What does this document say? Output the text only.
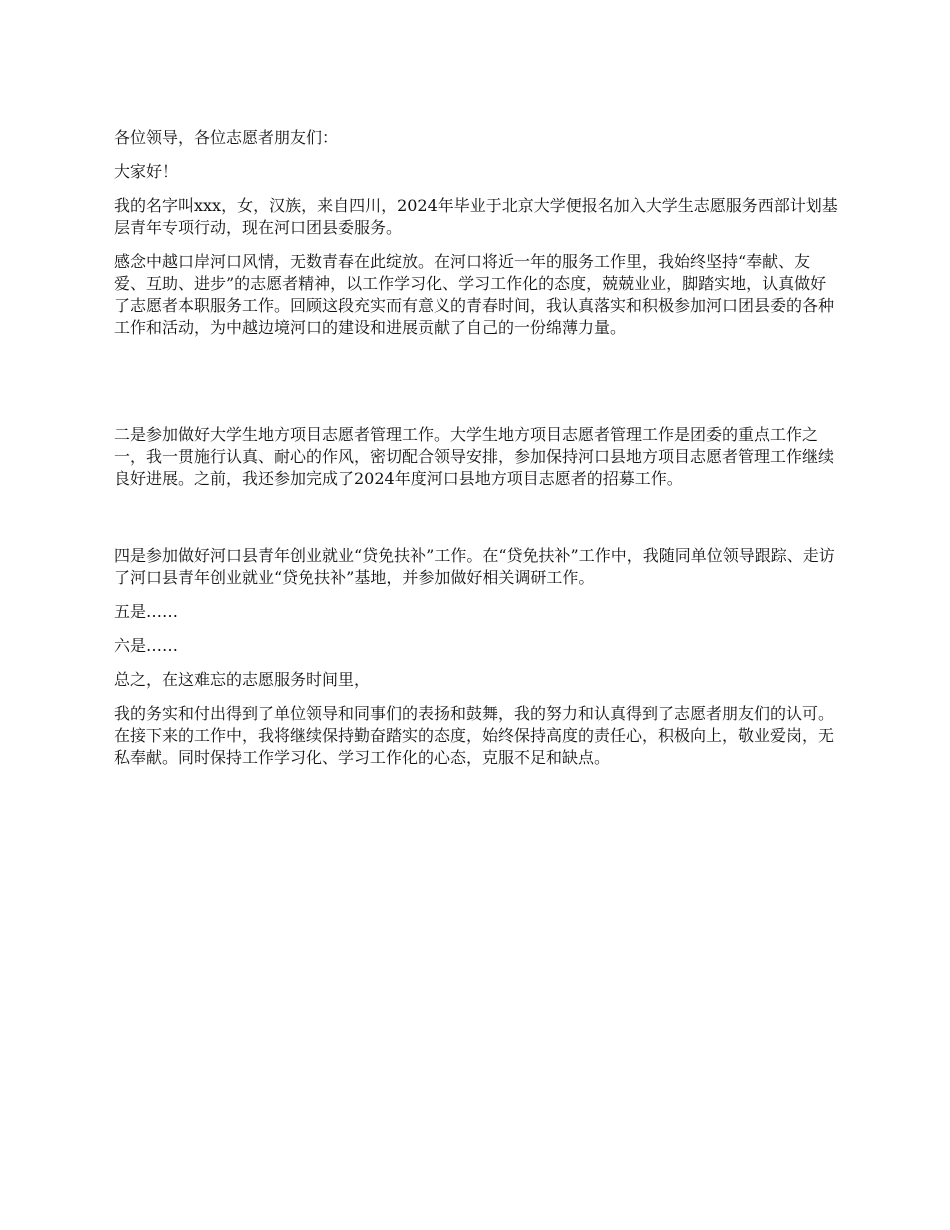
各位领导，各位志愿者朋友们：

大家好！

我的名字叫xxx，女，汉族，来自四川，2024年毕业于北京大学便报名加入大学生志愿服务西部计划基层青年专项行动，现在河口团县委服务。

感念中越口岸河口风情，无数青春在此绽放。在河口将近一年的服务工作里，我始终坚持“奉献、友爱、互助、进步”的志愿者精神，以工作学习化、学习工作化的态度，兢兢业业，脚踏实地，认真做好了志愿者本职服务工作。回顾这段充实而有意义的青春时间，我认真落实和积极参加河口团县委的各种工作和活动，为中越边境河口的建设和进展贡献了自己的一份绵薄力量。

二是参加做好大学生地方项目志愿者管理工作。大学生地方项目志愿者管理工作是团委的重点工作之一，我一贯施行认真、耐心的作风，密切配合领导安排，参加保持河口县地方项目志愿者管理工作继续良好进展。之前，我还参加完成了2024年度河口县地方项目志愿者的招募工作。

四是参加做好河口县青年创业就业“贷免扶补”工作。在“贷免扶补”工作中，我随同单位领导跟踪、走访了河口县青年创业就业“贷免扶补”基地，并参加做好相关调研工作。

五是……

六是……

总之，在这难忘的志愿服务时间里，

我的务实和付出得到了单位领导和同事们的表扬和鼓舞，我的努力和认真得到了志愿者朋友们的认可。在接下来的工作中，我将继续保持勤奋踏实的态度，始终保持高度的责任心，积极向上，敬业爱岗，无私奉献。同时保持工作学习化、学习工作化的心态，克服不足和缺点。
